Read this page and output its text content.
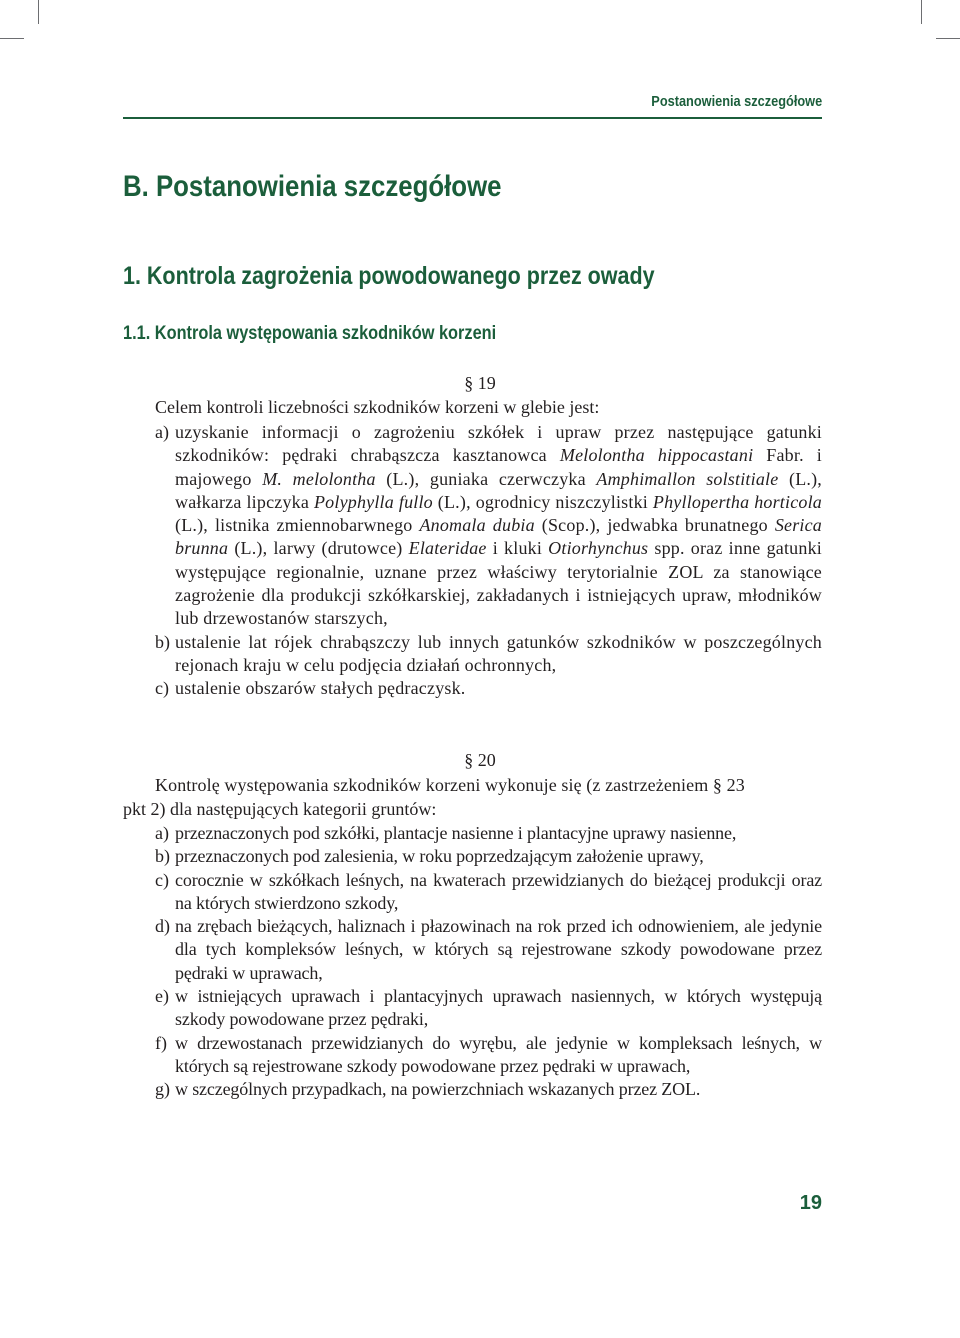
Postanowienia szczegółowe
B. Postanowienia szczegółowe
1. Kontrola zagrożenia powodowanego przez owady
1.1. Kontrola występowania szkodników korzeni
§ 19
Celem kontroli liczebności szkodników korzeni w glebie jest:
a) uzyskanie informacji o zagrożeniu szkółek i upraw przez następujące gatunki szkodników: pędraki chrabąszcza kasztanowca Melolontha hippocastani Fabr. i majowego M. melolontha (L.), guniaka czerwczyka Amphimallon solstitiale (L.), wałkarza lipczyka Polyphylla fullo (L.), ogrodnicy niszczylistki Phyllopertha horticola (L.), listnika zmiennobarwnego Anomala dubia (Scop.), jedwabka brunatnego Serica brunna (L.), larwy (drutowce) Elateridae i kluki Otiorhynchus spp. oraz inne gatunki występujące regionalnie, uznane przez właściwy terytorialnie ZOL za stanowiące zagrożenie dla produkcji szkółkarskiej, zakładanych i istniejących upraw, młodników lub drzewostanów starszych,
b) ustalenie lat rójek chrabąszczy lub innych gatunków szkodników w poszczególnych rejonach kraju w celu podjęcia działań ochronnych,
c) ustalenie obszarów stałych pędraczysk.
§ 20
Kontrolę występowania szkodników korzeni wykonuje się (z zastrzeżeniem § 23
pkt 2) dla następujących kategorii gruntów:
a) przeznaczonych pod szkółki, plantacje nasienne i plantacyjne uprawy nasienne,
b) przeznaczonych pod zalesienia, w roku poprzedzającym założenie uprawy,
c) corocznie w szkółkach leśnych, na kwaterach przewidzianych do bieżącej produkcji oraz na których stwierdzono szkody,
d) na zrębach bieżących, haliznach i płazowinach na rok przed ich odnowieniem, ale jedynie dla tych kompleksów leśnych, w których są rejestrowane szkody powodowane przez pędraki w uprawach,
e) w istniejących uprawach i plantacyjnych uprawach nasiennych, w których występują szkody powodowane przez pędraki,
f) w drzewostanach przewidzianych do wyrębu, ale jedynie w kompleksach leśnych, w których są rejestrowane szkody powodowane przez pędraki w uprawach,
g) w szczególnych przypadkach, na powierzchniach wskazanych przez ZOL.
19
